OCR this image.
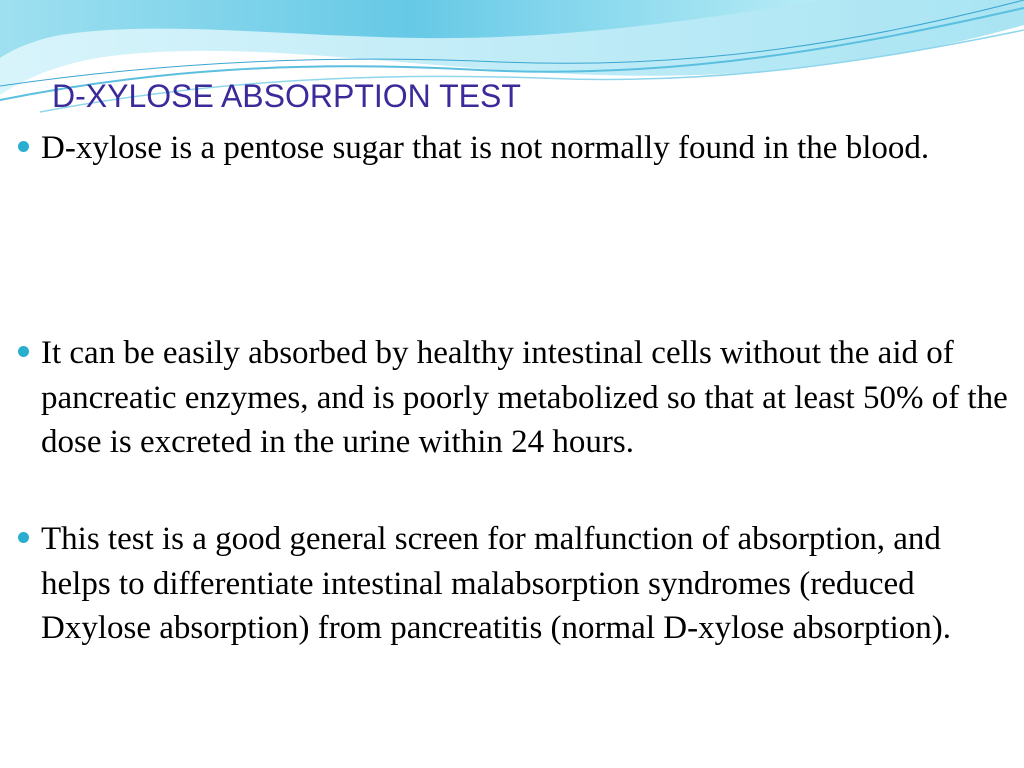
D-XYLOSE ABSORPTION TEST
D-xylose is a pentose sugar that is not normally found in the blood.
It can be easily absorbed by healthy intestinal cells without the aid of pancreatic enzymes, and is poorly metabolized so that at least 50% of the dose is excreted in the urine within 24 hours.
This test is a good general screen for malfunction of absorption, and helps to differentiate intestinal malabsorption syndromes (reduced Dxylose absorption) from pancreatitis (normal D-xylose absorption).
